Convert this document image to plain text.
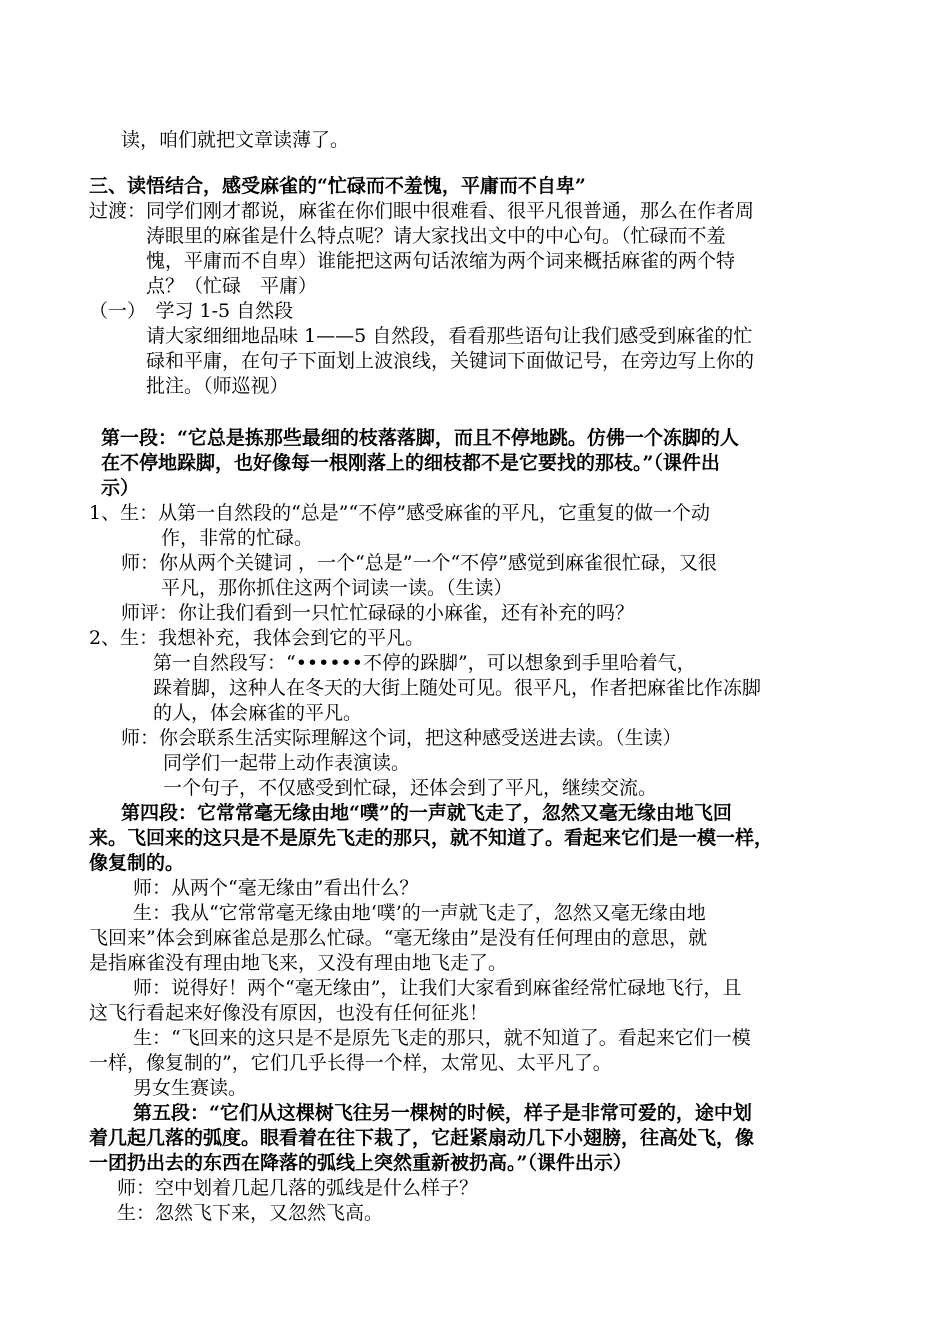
读，咱们就把文章读薄了。
三、读悟结合，感受麻雀的“忙碌而不羞愧，平庸而不自卑”
过渡：同学们刚才都说，麻雀在你们眼中很难看、很平凡很普通，那么在作者周
涛眼里的麻雀是什么特点呢？请大家找出文中的中心句。（忙碌而不羞
愧，平庸而不自卑）谁能把这两句话浓缩为两个词来概括麻雀的两个特
点？（忙碌　平庸）
（一）　学习 1-5 自然段
请大家细细地品味 1——5 自然段，看看那些语句让我们感受到麻雀的忙
碌和平庸，在句子下面划上波浪线，关键词下面做记号，在旁边写上你的
批注。（师巡视）
第一段：“它总是拣那些最细的枝落落脚，而且不停地跳。仿佛一个冻脚的人
在不停地跺脚，也好像每一根刚落上的细枝都不是它要找的那枝。”（课件出
示）
1、生：从第一自然段的“总是”“不停”感受麻雀的平凡，它重复的做一个动
作，非常的忙碌。
师：你从两个关键词 ，一个“总是”一个“不停”感觉到麻雀很忙碌，又很
平凡，那你抓住这两个词读一读。（生读）
师评：你让我们看到一只忙忙碌碌的小麻雀，还有补充的吗？
2、生：我想补充，我体会到它的平凡。
第一自然段写：“••••••不停的跺脚”，可以想象到手里哈着气，
跺着脚，这种人在冬天的大街上随处可见。很平凡，作者把麻雀比作冻脚
的人，体会麻雀的平凡。
师：你会联系生活实际理解这个词，把这种感受送进去读。（生读）
同学们一起带上动作表演读。
一个句子，不仅感受到忙碌，还体会到了平凡，继续交流。
第四段：它常常毫无缘由地“噗”的一声就飞走了，忽然又毫无缘由地飞回
来。飞回来的这只是不是原先飞走的那只，就不知道了。看起来它们是一模一样，
像复制的。
师：从两个“毫无缘由”看出什么？
生：我从“它常常毫无缘由地‘噗’的一声就飞走了，忽然又毫无缘由地
飞回来”体会到麻雀总是那么忙碌。“毫无缘由”是没有任何理由的意思，就
是指麻雀没有理由地飞来，又没有理由地飞走了。
师：说得好！两个“毫无缘由”，让我们大家看到麻雀经常忙碌地飞行，且
这飞行看起来好像没有原因，也没有任何征兆！
生：“飞回来的这只是不是原先飞走的那只，就不知道了。看起来它们一模
一样，像复制的”，它们几乎长得一个样，太常见、太平凡了。
男女生赛读。
第五段：“它们从这棵树飞往另一棵树的时候，样子是非常可爱的，途中划
着几起几落的弧度。眼看着在往下栽了，它赶紧扇动几下小翅膀，往高处飞，像
一团扔出去的东西在降落的弧线上突然重新被扔高。”（课件出示）
师：空中划着几起几落的弧线是什么样子？
生：忽然飞下来，又忽然飞高。
